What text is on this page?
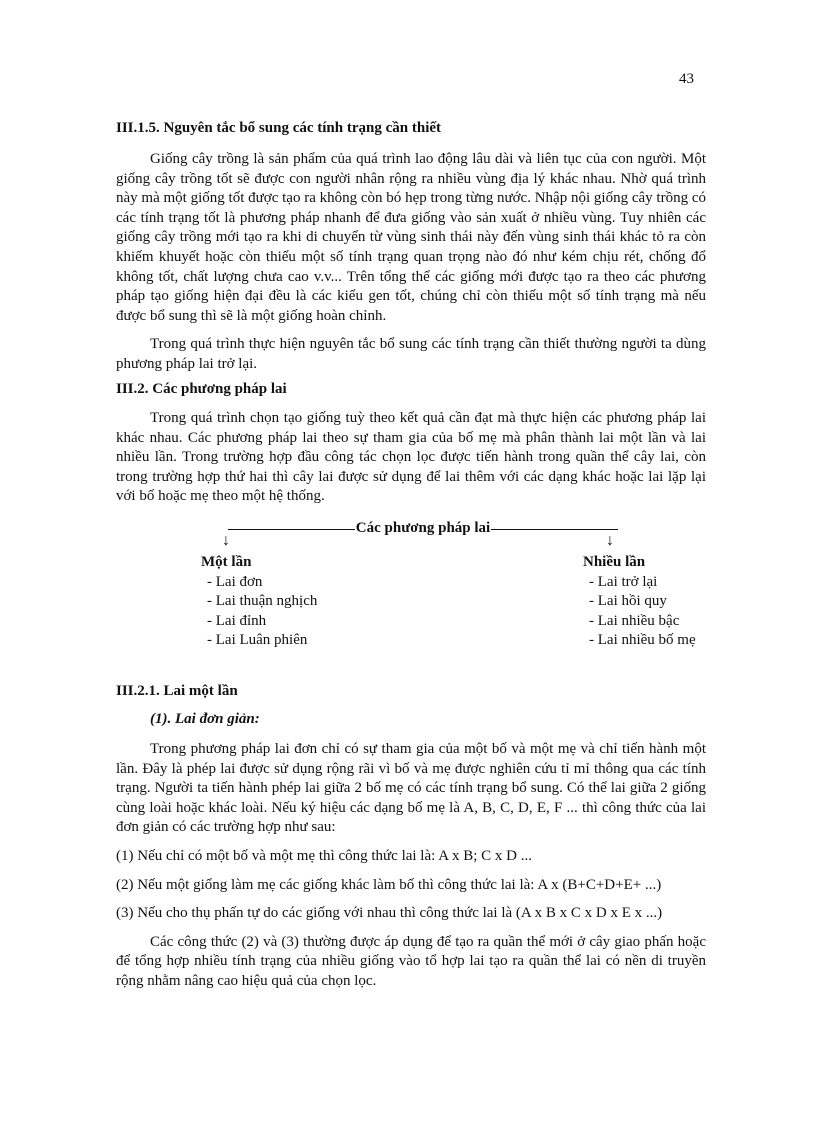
43
III.1.5. Nguyên tắc bổ sung các tính trạng cần thiết

Giống cây trồng là sản phẩm của quá trình lao động lâu dài và liên tục của con người. Một giống cây trồng tốt sẽ được con người nhân rộng ra nhiều vùng địa lý khác nhau. Nhờ quá trình này mà một giống tốt được tạo ra không còn bó hẹp trong từng nước. Nhập nội giống cây trồng có các tính trạng tốt là phương pháp nhanh để đưa giống vào sản xuất ở nhiều vùng. Tuy nhiên các giống cây trồng mới tạo ra khi di chuyển từ vùng sinh thái này đến vùng sinh thái khác tỏ ra còn khiếm khuyết hoặc còn thiếu một số tính trạng quan trọng nào đó như kém chịu rét, chống đổ không tốt, chất lượng chưa cao v.v... Trên tổng thể các giống mới được tạo ra theo các phương pháp tạo giống hiện đại đều là các kiểu gen tốt, chúng chỉ còn thiếu một số tính trạng mà nếu được bổ sung thì sẽ là một giống hoàn chỉnh.

Trong quá trình thực hiện nguyên tắc bổ sung các tính trạng cần thiết thường người ta dùng phương pháp lai trở lại.

III.2. Các phương pháp lai

Trong quá trình chọn tạo giống tuỳ theo kết quả cần đạt mà thực hiện các phương pháp lai khác nhau. Các phương pháp lai theo sự tham gia của bố mẹ mà phân thành lai một lần và lai nhiều lần. Trong trường hợp đầu công tác chọn lọc được tiến hành trong quần thể cây lai, còn trong trường hợp thứ hai thì cây lai được sử dụng để lai thêm với các dạng khác hoặc lai lặp lại với bố hoặc mẹ theo một hệ thống.

Các phương pháp lai
↓	↓
Một lần
- Lai đơn
- Lai thuận nghịch
- Lai đỉnh
- Lai Luân phiên
Nhiều lần
- Lai trở lại
- Lai hồi quy
- Lai nhiều bậc
- Lai nhiều bố mẹ
III.2.1. Lai một lần
(1). Lai đơn giản:

Trong phương pháp lai đơn chỉ có sự tham gia của một bố và một mẹ và chỉ tiến hành một lần. Đây là phép lai được sử dụng rộng rãi vì bố và mẹ được nghiên cứu tỉ mỉ thông qua các tính trạng. Người ta tiến hành phép lai giữa 2 bố mẹ có các tính trạng bổ sung. Có thể lai giữa 2 giống cùng loài hoặc khác loài. Nếu ký hiệu các dạng bố mẹ là A, B, C, D, E, F ... thì công thức của lai đơn giản có các trường hợp như sau:

(1) Nếu chỉ có một bố và một mẹ thì công thức lai là: A x B; C x D ...

(2) Nếu một giống làm mẹ các giống khác làm bố thì công thức lai là: A x (B+C+D+E+ ...)

(3) Nếu cho thụ phấn tự do các giống với nhau thì công thức lai là (A x B x C x D x E x ...)

Các công thức (2) và (3) thường được áp dụng để tạo ra quần thể mới ở cây giao phấn hoặc để tổng hợp nhiều tính trạng của nhiều giống vào tổ hợp lai tạo ra quần thể lai có nền di truyền rộng nhằm nâng cao hiệu quả của chọn lọc.
